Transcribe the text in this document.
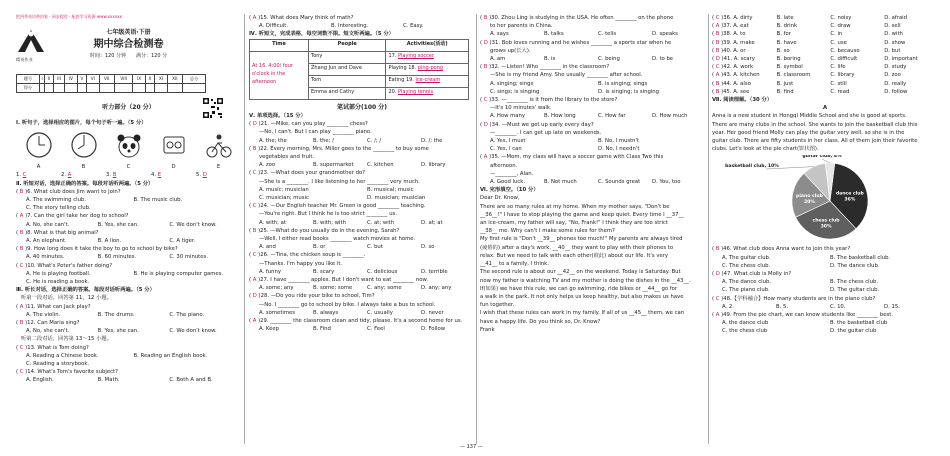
把四季英语带回家 · 同步提优 · 配套学习资源 www.xxxxxx
精英作业
七年级英语·下册
期中综合检测卷
时间：120 分钟　　满分：120 分
题号	I	II	III	IV	V	VI	VII	VIII	IX	X	XI	XII	总分
得分													
听力部分（20 分）
Ⅰ. 听句子，选择相应的图片，每个句子听一遍。（5 分）
A	B	C	D	E
1. C	2. A	3. B	4. E	5. D
Ⅱ. 听短对话，选择正确的答案。每段对话听两遍。（5 分）
( B )6. What club does Jim want to join?
A. The swimming club.	B. The music club.
C. The story telling club.
( A )7. Can the girl take her dog to school?
A. No, she can't.	B. Yes, she can.	C. We don't know.
( B )8. What is that big animal?
A. An elephant.	B. A lion.	C. A tiger.
( B )9. How long does it take the boy to go to school by bike?
A. 40 minutes.	B. 60 minutes.	C. 30 minutes.
( C )10. What's Peter's father doing?
A. He is playing football.	B. He is playing computer games.
C. He is reading a book.
Ⅲ. 听长对话，选择正确的答案。每段对话听两遍。（5 分）
听第一段对话，回答第 11，12 小题。
( A )11. What can Jack play?
A. The violin.	B. The drums.	C. The piano.
( B )12. Can Maria sing?
A. No, she can't.	B. Yes, she can.	C. We don't know.
听第二段对话，回答第 13～15 小题。
( C )13. What is Tom doing?
A. Reading a Chinese book.	B. Reading an English book.
C. Reading a storybook.
( C )14. What's Tom's favorite subject?
A. English.	B. Math.	C. Both A and B.
( A )15. What does Mary think of math?
A. Difficult.	B. Interesting.	C. Easy.
Ⅳ. 听短文，完成表格，每空词数不限。短文听两遍。（5 分）
Time	People	Activities(活动)
At 16. 4:00/ four o'clock in the afternoon	Tony	17. Playing soccer
	Zhang Jun and Dave	Playing 18. ping-pong
	Tom	Eating 19. ice-cream
	Emma and Cathy	20. Playing tennis
笔试部分(100 分)
Ⅴ. 单项选择。（15 分）
( D )21. —Mike, can you play ________ chess?
—No, I can't. But I can play ________ piano.
A. the; the	B. the; /	C. /; /	D. /; the
( B )22. Every morning, Mrs. Miller goes to the ________ to buy some
vegetables and fruit.
A. zoo	B. supermarket	C. kitchen	D. library
( C )23. —What does your grandmother do?
—She is a ________. I like listening to her ________ very much.
A. music; musician	B. musical; music
C. musician; music	D. musician; musician
( C )24. —Our English teacher Mr. Green is good ________ teaching.
—You're right. But I think he is too strict ________ us.
A. with; at	B. with; with	C. at; with	D. at; at
( B )25. —What do you usually do in the evening, Sarah?
—Well, I either read books ________ watch movies at home.
A. and	B. or	C. but	D. so
( C )26. —Tina, the chicken soup is ________.
—Thanks. I'm happy you like it.
A. funny	B. scary	C. delicious	D. terrible
( A )27. I have ________ apples. But I don't want to eat ________ now.
A. some; any	B. some; some	C. any; some	D. any; any
( D )28. —Do you ride your bike to school, Tim?
—No. I ________ go to school by bike. I always take a bus to school.
A. sometimes	B. always	C. usually	D. never
( A )29. ________ the classroom clean and tidy, please. It's a second home for us.
A. Keep	B. Find	C. Feel	D. Follow
( B )30. Zhou Ling is studying in the USA. He often ________ on the phone
to her parents in China.
A. says	B. talks	C. tells	D. speaks
( D )31. Bob loves running and he wishes ________ a sports star when he
grows up(长大).
A. am	B. is	C. being	D. to be
( B )32. —Listen! Who ________ in the classroom?
—She is my friend Amy. She usually ________ after school.
A. singing; sings	B. is singing; sings
C. sings; is singing	D. is singing; is singing
( C )33. —________ is it from the library to the store?
—It's 10 minutes' walk.
A. How many	B. How long	C. How far	D. How much
( D )34. —Must we get up early every day?
—________. I can get up late on weekends.
A. Yes, I must	B. No, I mustn't
C. Yes, I can	D. No, I needn't
( A )35. —Mom, my class will have a soccer game with Class Two this
afternoon.
—________, Alan.
A. Good luck.	B. Not much	C. Sounds great	D. You, too
Ⅵ. 完形填空。（10 分）
Dear Dr. Know,
There are so many rules at my home. When my mother says, "Don't be
__36__!" I have to stop playing the game and keep quiet. Every time I __37__
an ice-cream, my father will say, "No, Frank!" I think they are too strict
__38__ me. Why can't I make some rules for them?
My first rule is "Don't __39__ phones too much!" My parents are always tired
(疲倦的) after a day's work. __40__ they want to play with their phones to
relax. But we need to talk with each other(彼此) about our life. It's very
__41__ to a family, I think.
The second rule is about our __42__ on the weekend. Today is Saturday. But
now my father is watching TV and my mother is doing the dishes in the __43__.
If(如果) we have this rule, we can go swimming, ride bikes or __44__ go for
a walk in the park. It not only helps us keep healthy, but also makes us have
fun together.
I wish that these rules can work in my family. If all of us __45__ them, we can
have a happy life. Do you think so, Dr. Know?
Frank
( C )36. A. dirty	B. late	C. noisy	D. afraid
( A )37. A. eat	B. drink	C. draw	D. sell
( B )38. A. to	B. for	C. in	D. with
( B )39. A. make	B. have	C. use	D. show
( B )40. A. or	B. so	C. because	D. but
( D )41. A. scary	B. boring	C. difficult	D. important
( C )42. A. work	B. symbol	C. life	D. study
( A )43. A. kitchen	B. classroom	C. library	D. zoo
( B )44. A. also	B. just	C. still	D. really
( B )45. A. see	B. find	C. read	D. follow
Ⅶ. 阅读理解。（30 分）
A
Anna is a new student in Hongqi Middle School and she is good at sports.
There are many clubs in the school. She wants to join the basketball club this
year. Her good friend Molly can play the guitar very well, so she is in the
guitar club. There are fifty students in her class. All of them join their favorite
clubs. Let's look at the pie chart(饼状图).
dance club
36%
chess club
30%
piano club
20%
basketball club, 10%
guitar club, 4%
( B )46. What club does Anna want to join this year?
A. The guitar club.	B. The basketball club.
C. The chess club.	D. The dance club.
( D )47. What club is Molly in?
A. The dance club.	B. The chess club.
C. The piano club.	D. The guitar club.
( C )48.【学科融合】How many students are in the piano club?
A. 2.	B. 5.	C. 10.	D. 15.
( A )49. From the pie chart, we can know students like ________ best.
A. the dance club	B. the basketball club
C. the chess club	D. the guitar club
— 137 —
